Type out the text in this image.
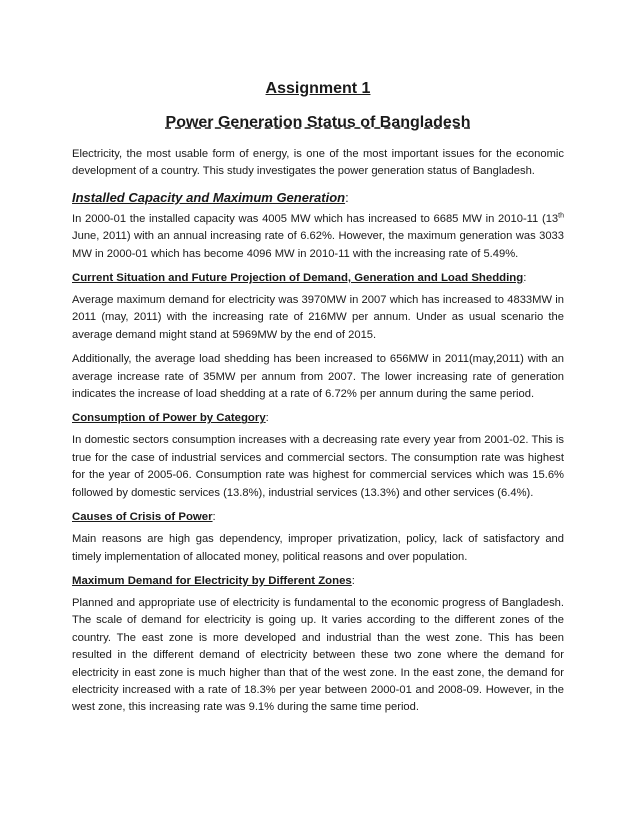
Assignment 1
Power Generation Status of Bangladesh

Electricity, the most usable form of energy, is one of the most important issues for the economic development of a country. This study investigates the power generation status of Bangladesh.

Installed Capacity and Maximum Generation:

In 2000-01 the installed capacity was 4005 MW which has increased to 6685 MW in 2010-11 (13th June, 2011) with an annual increasing rate of 6.62%. However, the maximum generation was 3033 MW in 2000-01 which has become 4096 MW in 2010-11 with the increasing rate of 5.49%.

Current Situation and Future Projection of Demand, Generation and Load Shedding:

Average maximum demand for electricity was 3970MW in 2007 which has increased to 4833MW in 2011 (may, 2011) with the increasing rate of 216MW per annum. Under as usual scenario the average demand might stand at 5969MW by the end of 2015.

Additionally, the average load shedding has been increased to 656MW in 2011(may,2011) with an average increase rate of 35MW per annum from 2007. The lower increasing rate of generation indicates the increase of load shedding at a rate of 6.72% per annum during the same period.

Consumption of Power by Category:

In domestic sectors consumption increases with a decreasing rate every year from 2001-02. This is true for the case of industrial services and commercial sectors. The consumption rate was highest for the year of 2005-06. Consumption rate was highest for commercial services which was 15.6% followed by domestic services (13.8%), industrial services (13.3%) and other services (6.4%).

Causes of Crisis of Power:

Main reasons are high gas dependency, improper privatization, policy, lack of satisfactory and timely implementation of allocated money, political reasons and over population.

Maximum Demand for Electricity by Different Zones:

Planned and appropriate use of electricity is fundamental to the economic progress of Bangladesh. The scale of demand for electricity is going up. It varies according to the different zones of the country. The east zone is more developed and industrial than the west zone. This has been resulted in the different demand of electricity between these two zone where the demand for electricity in east zone is much higher than that of the west zone. In the east zone, the demand for electricity increased with a rate of 18.3% per year between 2000-01 and 2008-09. However, in the west zone, this increasing rate was 9.1% during the same time period.
